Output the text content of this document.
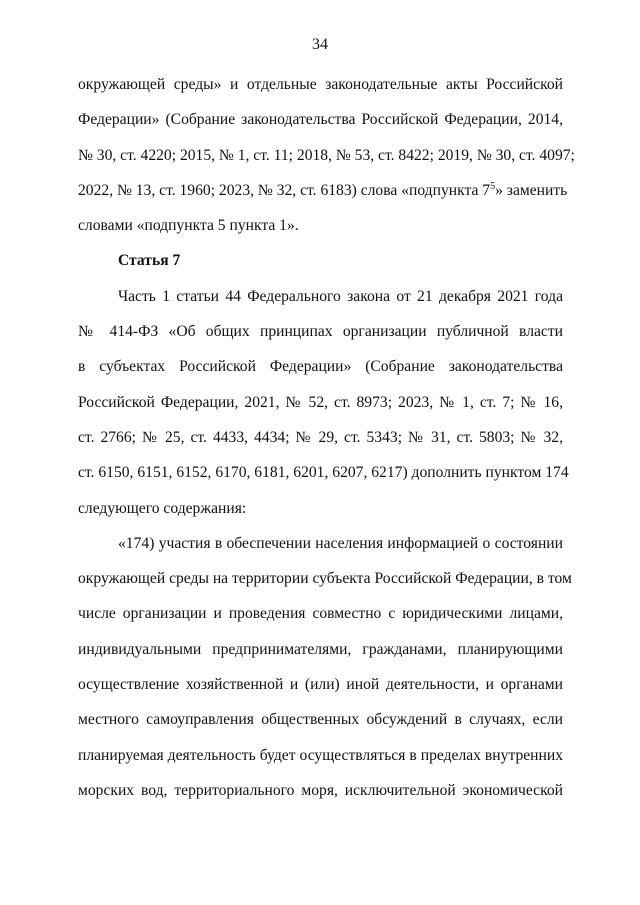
34
окружающей среды» и отдельные законодательные акты Российской
Федерации» (Собрание законодательства Российской Федерации, 2014,
№ 30, ст. 4220; 2015, № 1, ст. 11; 2018, № 53, ст. 8422; 2019, № 30, ст. 4097;
2022, № 13, ст. 1960; 2023, № 32, ст. 6183) слова «подпункта $7^5$» заменить
словами «подпункта 5 пункта 1».
Статья 7
Часть 1 статьи 44 Федерального закона от 21 декабря 2021 года
№ 414-ФЗ «Об общих принципах организации публичной власти
в субъектах Российской Федерации» (Собрание законодательства
Российской Федерации, 2021, № 52, ст. 8973; 2023, № 1, ст. 7; № 16,
ст. 2766; № 25, ст. 4433, 4434; № 29, ст. 5343; № 31, ст. 5803; № 32,
ст. 6150, 6151, 6152, 6170, 6181, 6201, 6207, 6217) дополнить пунктом 174
следующего содержания:
«174) участия в обеспечении населения информацией о состоянии
окружающей среды на территории субъекта Российской Федерации, в том
числе организации и проведения совместно с юридическими лицами,
индивидуальными предпринимателями, гражданами, планирующими
осуществление хозяйственной и (или) иной деятельности, и органами
местного самоуправления общественных обсуждений в случаях, если
планируемая деятельность будет осуществляться в пределах внутренних
морских вод, территориального моря, исключительной экономической
